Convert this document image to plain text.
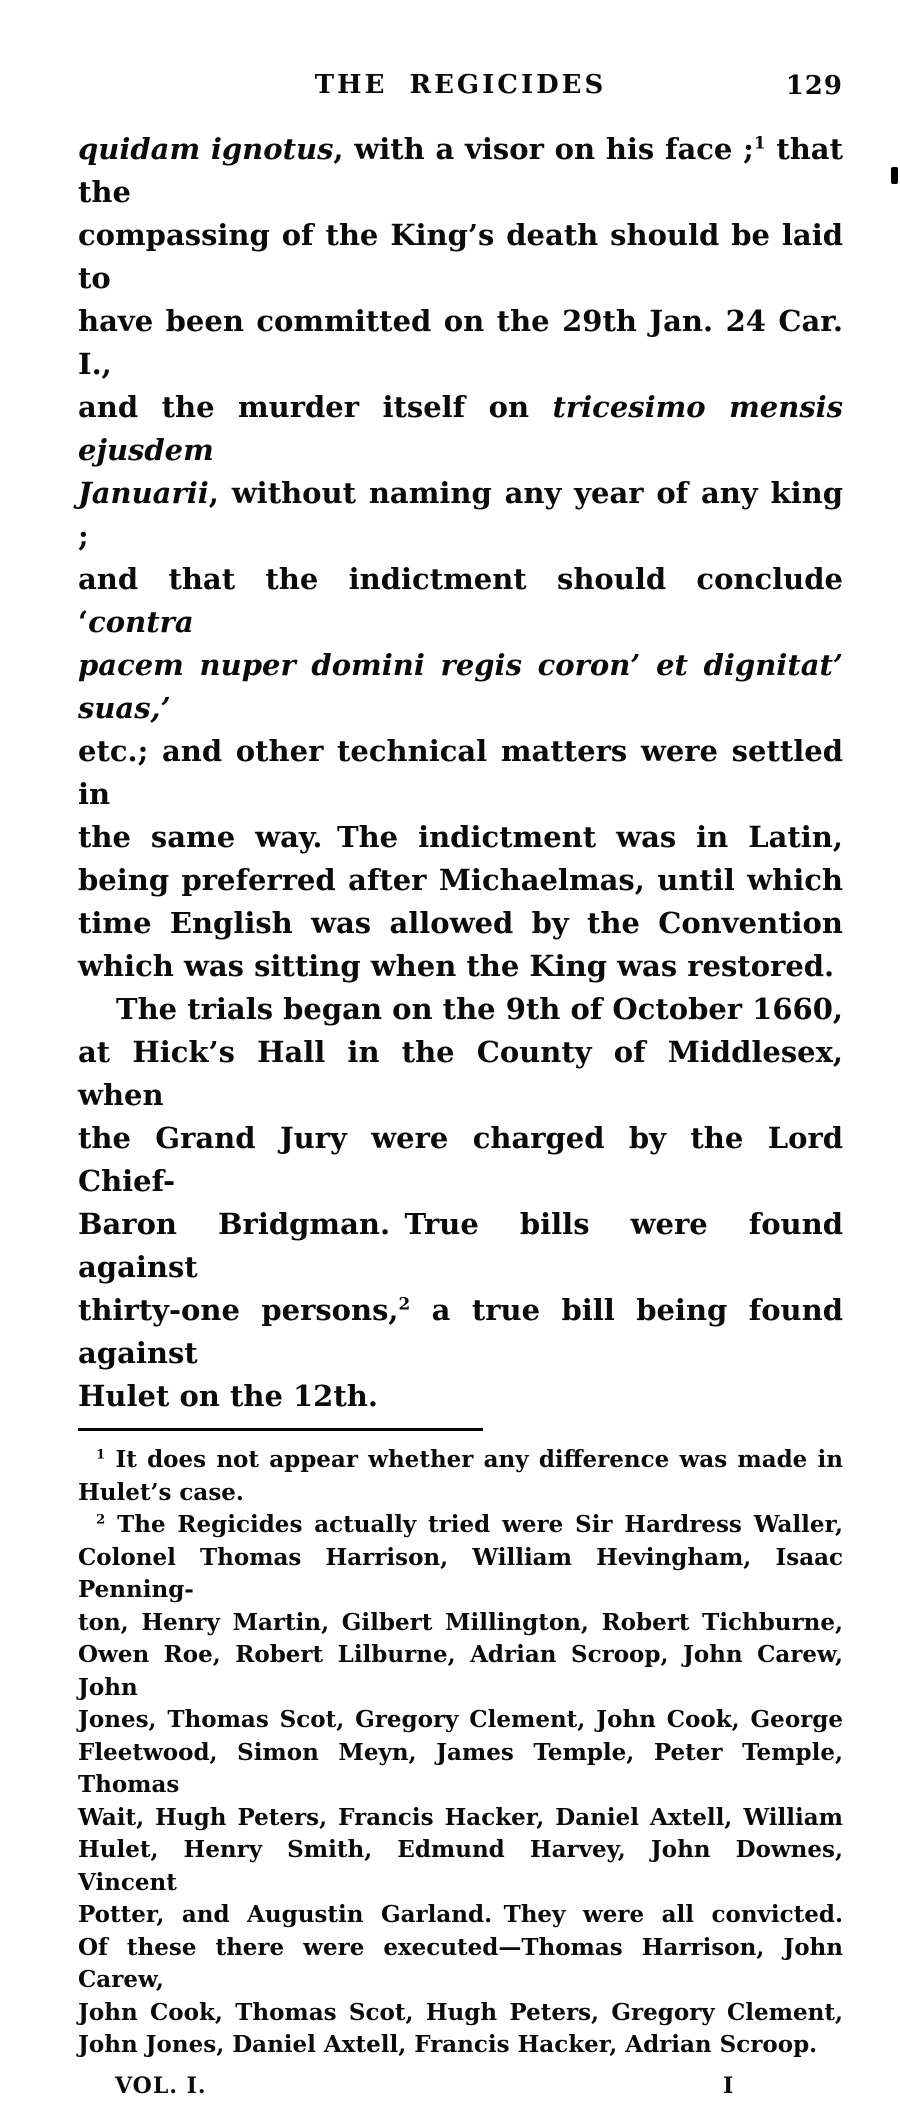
THE REGICIDES	129
quidam ignotus, with a visor on his face ;$^1$ that the
compassing of the King’s death should be laid to
have been committed on the 29th Jan. 24 Car. I.,
and the murder itself on tricesimo mensis ejusdem
Januarii, without naming any year of any king ;
and that the indictment should conclude ‘contra
pacem nuper domini regis coron’ et dignitat’ suas,’
etc.; and other technical matters were settled in
the same way. The indictment was in Latin,
being preferred after Michaelmas, until which
time English was allowed by the Convention
which was sitting when the King was restored.
The trials began on the 9th of October 1660,
at Hick’s Hall in the County of Middlesex, when
the Grand Jury were charged by the Lord Chief-
Baron Bridgman. True bills were found against
thirty-one persons,$^2$ a true bill being found against
Hulet on the 12th.
$^1$ It does not appear whether any difference was made in
Hulet’s case.
$^2$ The Regicides actually tried were Sir Hardress Waller,
Colonel Thomas Harrison, William Hevingham, Isaac Penning-
ton, Henry Martin, Gilbert Millington, Robert Tichburne,
Owen Roe, Robert Lilburne, Adrian Scroop, John Carew, John
Jones, Thomas Scot, Gregory Clement, John Cook, George
Fleetwood, Simon Meyn, James Temple, Peter Temple, Thomas
Wait, Hugh Peters, Francis Hacker, Daniel Axtell, William
Hulet, Henry Smith, Edmund Harvey, John Downes, Vincent
Potter, and Augustin Garland. They were all convicted.
Of these there were executed—Thomas Harrison, John Carew,
John Cook, Thomas Scot, Hugh Peters, Gregory Clement,
John Jones, Daniel Axtell, Francis Hacker, Adrian Scroop.
VOL. I.	I
